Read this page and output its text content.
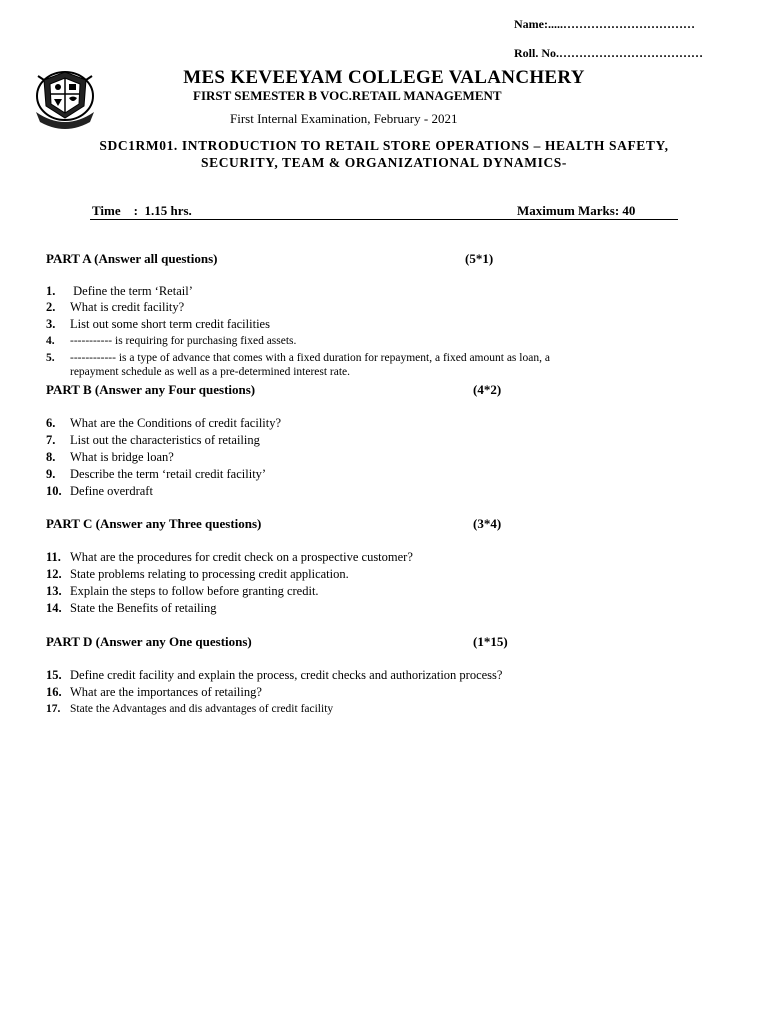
Name:.....……………………………
Roll. No.………………………………
MES KEVEEYAM COLLEGE VALANCHERY
FIRST SEMESTER B VOC.RETAIL MANAGEMENT
First Internal Examination, February - 2021
SDC1RM01. INTRODUCTION TO RETAIL STORE OPERATIONS – HEALTH SAFETY,
SECURITY, TEAM & ORGANIZATIONAL DYNAMICS-
Time    :  1.15 hrs.	Maximum Marks: 40
PART A (Answer all questions)	(5*1)
1. Define the term ‘Retail’
2. What is credit facility?
3. List out some short term credit facilities
4. ----------- is requiring for purchasing fixed assets.
5. ------------ is a type of advance that comes with a fixed duration for repayment, a fixed amount as loan, a
repayment schedule as well as a pre-determined interest rate.
PART B (Answer any Four questions)	(4*2)
6. What are the Conditions of credit facility?
7. List out the characteristics of retailing
8. What is bridge loan?
9. Describe the term ‘retail credit facility’
10. Define overdraft
PART C (Answer any Three questions)	(3*4)
11. What are the procedures for credit check on a prospective customer?
12. State problems relating to processing credit application.
13. Explain the steps to follow before granting credit.
14. State the Benefits of retailing
PART D (Answer any One questions)	(1*15)
15. Define credit facility and explain the process, credit checks and authorization process?
16. What are the importances of retailing?
17. State the Advantages and dis advantages of credit facility
